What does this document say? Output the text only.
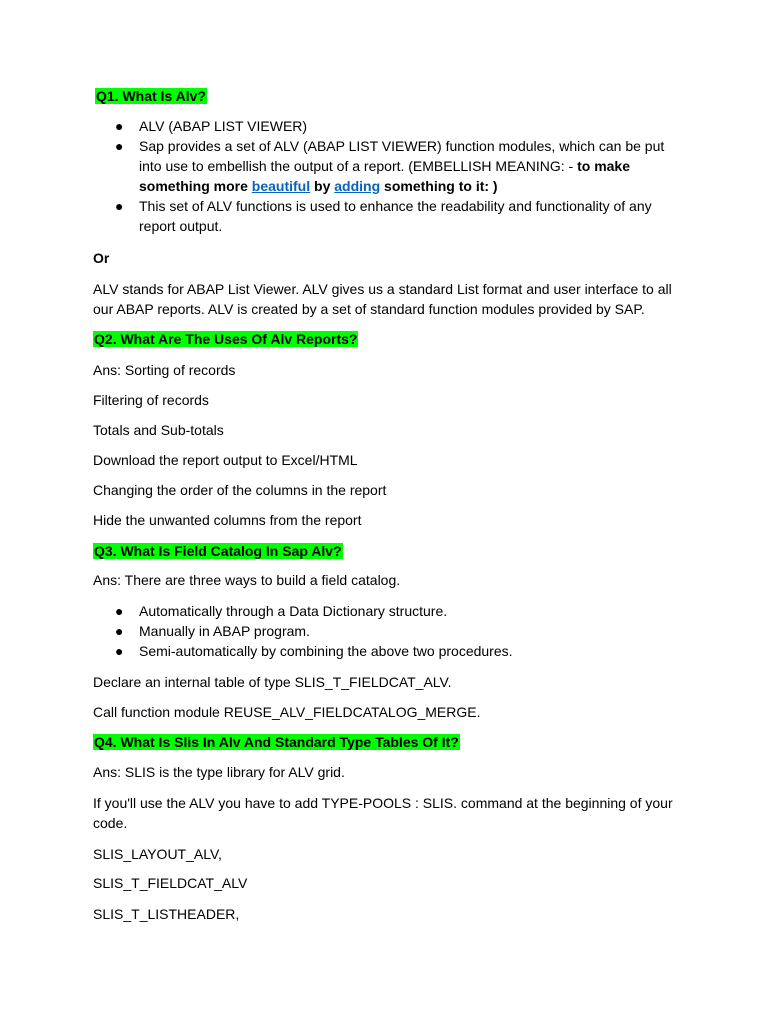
Q1. What Is Alv?
● ALV (ABAP LIST VIEWER)
● Sap provides a set of ALV (ABAP LIST VIEWER) function modules, which can be put into use to embellish the output of a report. (EMBELLISH MEANING: - to make something more beautiful by adding something to it: )
● This set of ALV functions is used to enhance the readability and functionality of any report output.
Or
ALV stands for ABAP List Viewer. ALV gives us a standard List format and user interface to all our ABAP reports. ALV is created by a set of standard function modules provided by SAP.
Q2. What Are The Uses Of Alv Reports?
Ans: Sorting of records
Filtering of records
Totals and Sub-totals
Download the report output to Excel/HTML
Changing the order of the columns in the report
Hide the unwanted columns from the report
Q3. What Is Field Catalog In Sap Alv?
Ans: There are three ways to build a field catalog.
● Automatically through a Data Dictionary structure.
● Manually in ABAP program.
● Semi-automatically by combining the above two procedures.
Declare an internal table of type SLIS_T_FIELDCAT_ALV.
Call function module REUSE_ALV_FIELDCATALOG_MERGE.
Q4. What Is Slis In Alv And Standard Type Tables Of It?
Ans: SLIS is the type library for ALV grid.
If you'll use the ALV you have to add TYPE-POOLS : SLIS. command at the beginning of your code.
SLIS_LAYOUT_ALV,
SLIS_T_FIELDCAT_ALV
SLIS_T_LISTHEADER,
